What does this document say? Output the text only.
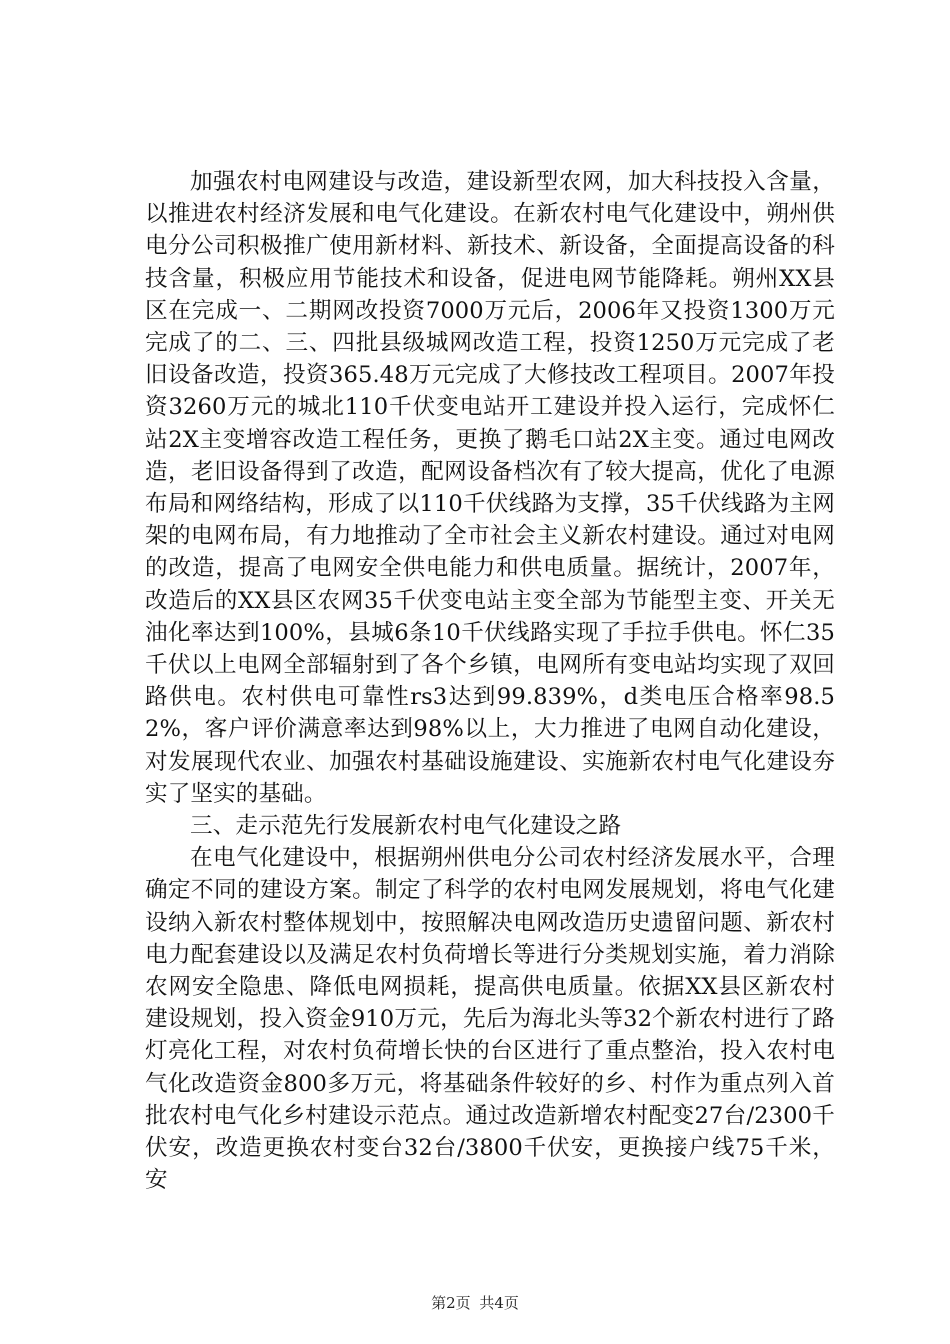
加强农村电网建设与改造，建设新型农网，加大科技投入含量，以推进农村经济发展和电气化建设。在新农村电气化建设中，朔州供电分公司积极推广使用新材料、新技术、新设备，全面提高设备的科技含量，积极应用节能技术和设备，促进电网节能降耗。朔州XX县区在完成一、二期网改投资7000万元后，2006年又投资1300万元完成了的二、三、四批县级城网改造工程，投资1250万元完成了老旧设备改造，投资365.48万元完成了大修技改工程项目。2007年投资3260万元的城北110千伏变电站开工建设并投入运行，完成怀仁站2X主变增容改造工程任务，更换了鹅毛口站2X主变。通过电网改造，老旧设备得到了改造，配网设备档次有了较大提高，优化了电源布局和网络结构，形成了以110千伏线路为支撑，35千伏线路为主网架的电网布局，有力地推动了全市社会主义新农村建设。通过对电网的改造，提高了电网安全供电能力和供电质量。据统计，2007年，改造后的XX县区农网35千伏变电站主变全部为节能型主变、开关无油化率达到100%，县城6条10千伏线路实现了手拉手供电。怀仁35千伏以上电网全部辐射到了各个乡镇，电网所有变电站均实现了双回路供电。农村供电可靠性rs3达到99.839%，d类电压合格率98.52%，客户评价满意率达到98%以上，大力推进了电网自动化建设，对发展现代农业、加强农村基础设施建设、实施新农村电气化建设夯实了坚实的基础。

三、走示范先行发展新农村电气化建设之路

在电气化建设中，根据朔州供电分公司农村经济发展水平，合理确定不同的建设方案。制定了科学的农村电网发展规划，将电气化建设纳入新农村整体规划中，按照解决电网改造历史遗留问题、新农村电力配套建设以及满足农村负荷增长等进行分类规划实施，着力消除农网安全隐患、降低电网损耗，提高供电质量。依据XX县区新农村建设规划，投入资金910万元，先后为海北头等32个新农村进行了路灯亮化工程，对农村负荷增长快的台区进行了重点整治，投入农村电气化改造资金800多万元，将基础条件较好的乡、村作为重点列入首批农村电气化乡村建设示范点。通过改造新增农村配变27台/2300千伏安，改造更换农村变台32台/3800千伏安，更换接户线75千米，安

第2页 共4页
